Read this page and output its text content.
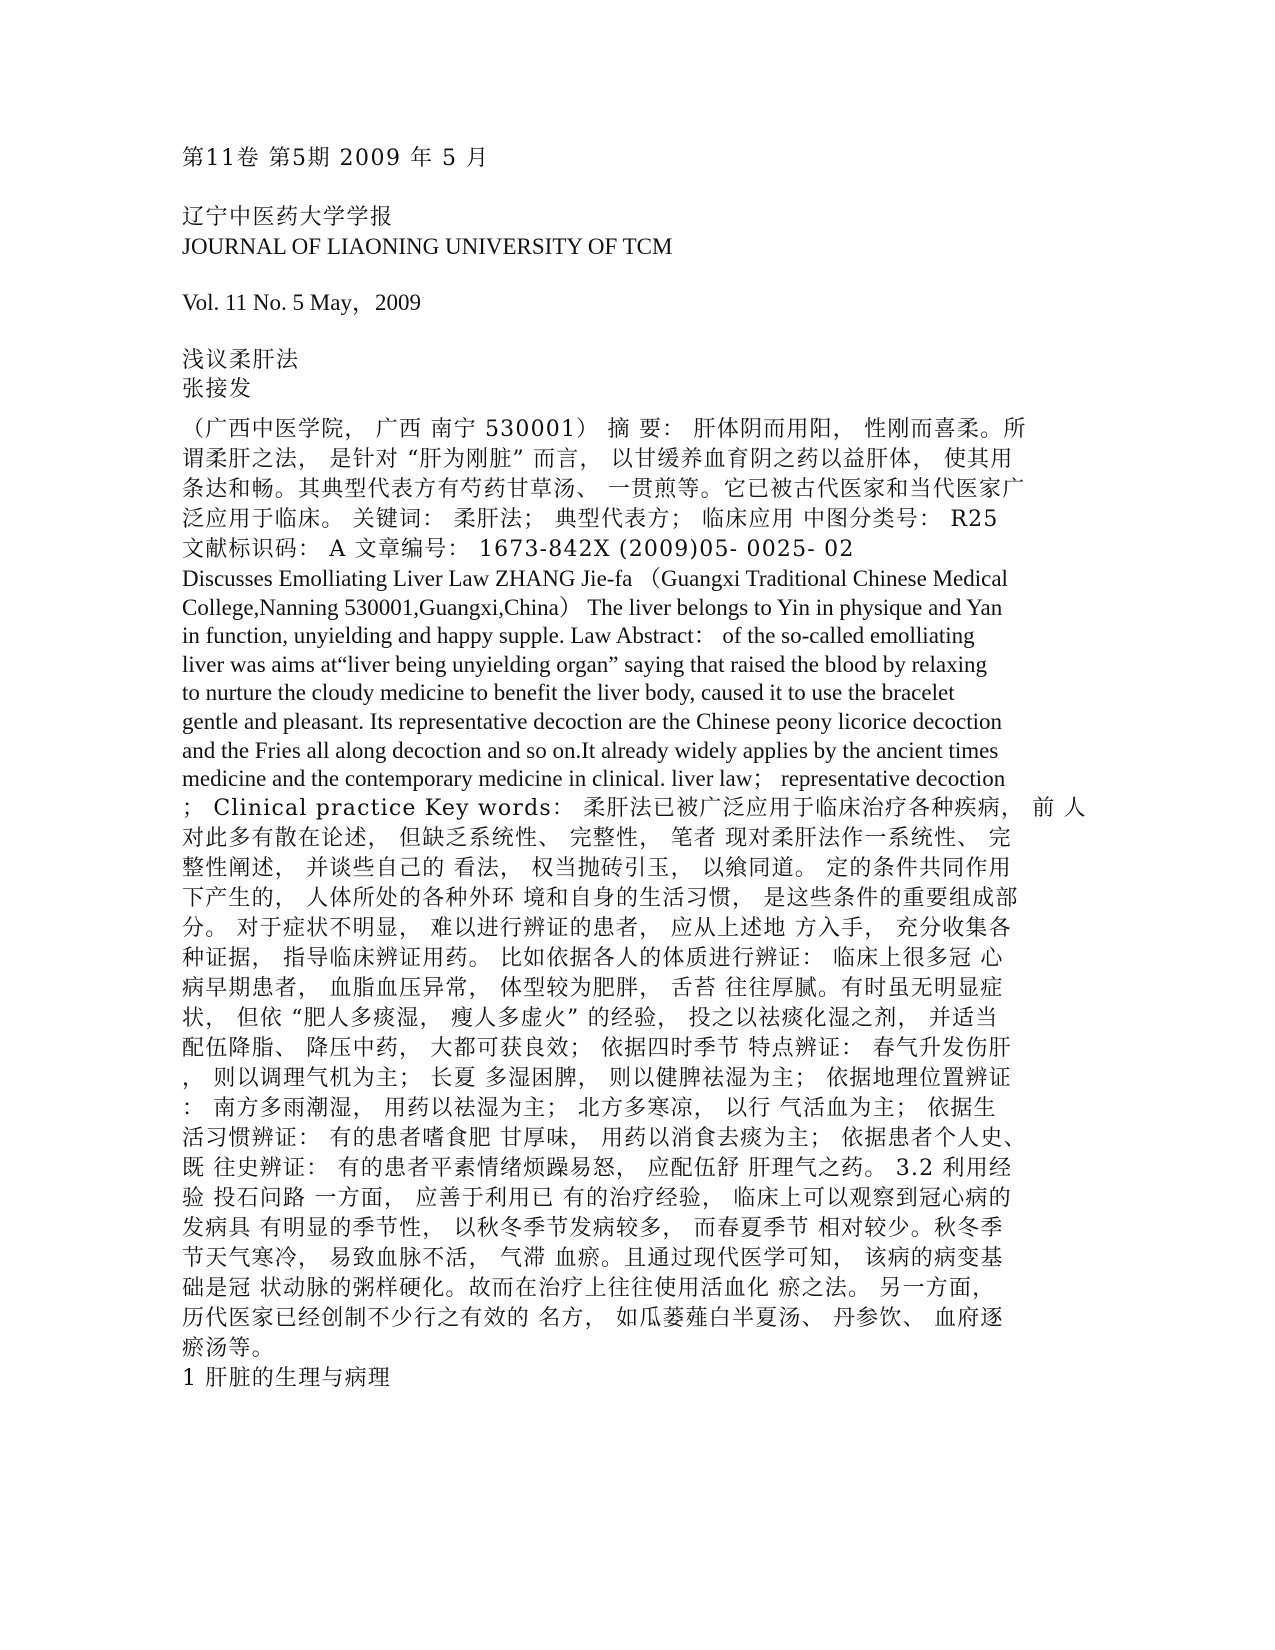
第11卷 第5期 2009 年 5 月
辽宁中医药大学学报
JOURNAL OF LIAONING UNIVERSITY OF TCM
Vol. 11 No. 5 May，2009
浅议柔肝法
张接发
（广西中医学院， 广西 南宁 530001） 摘 要： 肝体阴而用阳， 性刚而喜柔。所
谓柔肝之法， 是针对 “肝为刚脏” 而言， 以甘缓养血育阴之药以益肝体， 使其用
条达和畅。其典型代表方有芍药甘草汤、 一贯煎等。它已被古代医家和当代医家广
泛应用于临床。 关键词： 柔肝法； 典型代表方； 临床应用 中图分类号： R25
文献标识码： A 文章编号： 1673-842X (2009)05- 0025- 02
Discusses Emolliating Liver Law ZHANG Jie-fa （Guangxi Traditional Chinese Medical
College,Nanning 530001,Guangxi,China） The liver belongs to Yin in physique and Yan
in function, unyielding and happy supple. Law Abstract： of the so-called emolliating
liver was aims at“liver being unyielding organ” saying that raised the blood by relaxing
to nurture the cloudy medicine to benefit the liver body, caused it to use the bracelet
gentle and pleasant. Its representative decoction are the Chinese peony licorice decoction
and the Fries all along decoction and so on.It already widely applies by the ancient times
medicine and the contemporary medicine in clinical. liver law； representative decoction
； Clinical practice Key words： 柔肝法已被广泛应用于临床治疗各种疾病， 前 人
对此多有散在论述， 但缺乏系统性、 完整性， 笔者 现对柔肝法作一系统性、 完
整性阐述， 并谈些自己的 看法， 权当抛砖引玉， 以飨同道。 定的条件共同作用
下产生的， 人体所处的各种外环 境和自身的生活习惯， 是这些条件的重要组成部
分。 对于症状不明显， 难以进行辨证的患者， 应从上述地 方入手， 充分收集各
种证据， 指导临床辨证用药。 比如依据各人的体质进行辨证： 临床上很多冠 心
病早期患者， 血脂血压异常， 体型较为肥胖， 舌苔 往往厚腻。有时虽无明显症
状， 但依 “肥人多痰湿， 瘦人多虚火” 的经验， 投之以祛痰化湿之剂， 并适当
配伍降脂、 降压中药， 大都可获良效； 依据四时季节 特点辨证： 春气升发伤肝
， 则以调理气机为主； 长夏 多湿困脾， 则以健脾祛湿为主； 依据地理位置辨证
： 南方多雨潮湿， 用药以祛湿为主； 北方多寒凉， 以行 气活血为主； 依据生
活习惯辨证： 有的患者嗜食肥 甘厚味， 用药以消食去痰为主； 依据患者个人史、
既 往史辨证： 有的患者平素情绪烦躁易怒， 应配伍舒 肝理气之药。 3.2 利用经
验 投石问路 一方面， 应善于利用已 有的治疗经验， 临床上可以观察到冠心病的
发病具 有明显的季节性， 以秋冬季节发病较多， 而春夏季节 相对较少。秋冬季
节天气寒冷， 易致血脉不活， 气滞 血瘀。且通过现代医学可知， 该病的病变基
础是冠 状动脉的粥样硬化。故而在治疗上往往使用活血化 瘀之法。 另一方面，
历代医家已经创制不少行之有效的 名方， 如瓜蒌薤白半夏汤、 丹参饮、 血府逐
瘀汤等。
1 肝脏的生理与病理
